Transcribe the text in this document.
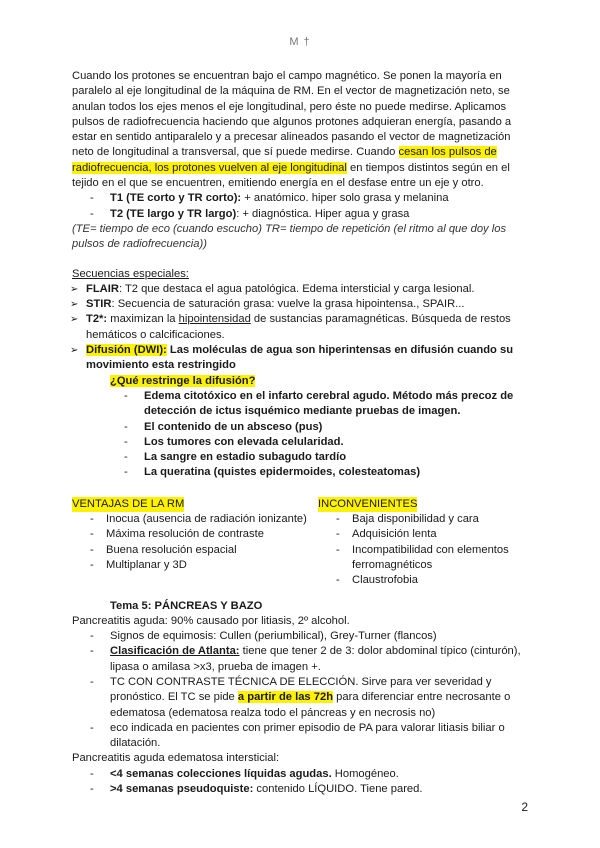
M †

Cuando los protones se encuentran bajo el campo magnético. Se ponen la mayoría en paralelo al eje longitudinal de la máquina de RM. En el vector de magnetización neto, se anulan todos los ejes menos el eje longitudinal, pero éste no puede medirse. Aplicamos pulsos de radiofrecuencia haciendo que algunos protones adquieran energía, pasando a estar en sentido antiparalelo y a precesar alineados pasando el vector de magnetización neto de longitudinal a transversal, que sí puede medirse. Cuando cesan los pulsos de radiofrecuencia, los protones vuelven al eje longitudinal en tiempos distintos según en el tejido en el que se encuentren, emitiendo energía en el desfase entre un eje y otro.

- T1 (TE corto y TR corto): + anatómico. hiper solo grasa y melanina
- T2 (TE largo y TR largo): + diagnóstica. Hiper agua y grasa

(TE= tiempo de eco (cuando escucho) TR= tiempo de repetición (el ritmo al que doy los pulsos de radiofrecuencia))

Secuencias especiales:

➢ FLAIR: T2 que destaca el agua patológica. Edema intersticial y carga lesional.
➢ STIR: Secuencia de saturación grasa: vuelve la grasa hipointensa., SPAIR...
➢ T2*: maximizan la hipointensidad de sustancias paramagnéticas. Búsqueda de restos hemáticos o calcificaciones.
➢ Difusión (DWI): Las moléculas de agua son hiperintensas en difusión cuando su movimiento esta restringido

¿Qué restringe la difusión?

- Edema citotóxico en el infarto cerebral agudo. Método más precoz de detección de ictus isquémico mediante pruebas de imagen.
- El contenido de un absceso (pus)
- Los tumores con elevada celularidad.
- La sangre en estadio subagudo tardío
- La queratina (quistes epidermoides, colesteatomas)
VENTAJAS DE LA RM
- Inocua (ausencia de radiación ionizante)
- Máxima resolución de contraste
- Buena resolución espacial
- Multiplanar y 3D
INCONVENIENTES
- Baja disponibilidad y cara
- Adquisición lenta
- Incompatibilidad con elementos ferromagnéticos
- Claustrofobia

Tema 5: PÁNCREAS Y BAZO

Pancreatitis aguda: 90% causado por litiasis, 2º alcohol.

- Signos de equimosis: Cullen (periumbilical), Grey-Turner (flancos)
- Clasificación de Atlanta: tiene que tener 2 de 3: dolor abdominal típico (cinturón), lipasa o amilasa >x3, prueba de imagen +.
- TC CON CONTRASTE TÉCNICA DE ELECCIÓN. Sirve para ver severidad y pronóstico. El TC se pide a partir de las 72h para diferenciar entre necrosante o edematosa (edematosa realza todo el páncreas y en necrosis no)
- eco indicada en pacientes con primer episodio de PA para valorar litiasis biliar o dilatación.

Pancreatitis aguda edematosa intersticial:

- <4 semanas colecciones líquidas agudas. Homogéneo.
- >4 semanas pseudoquiste: contenido LÍQUIDO. Tiene pared.
2
